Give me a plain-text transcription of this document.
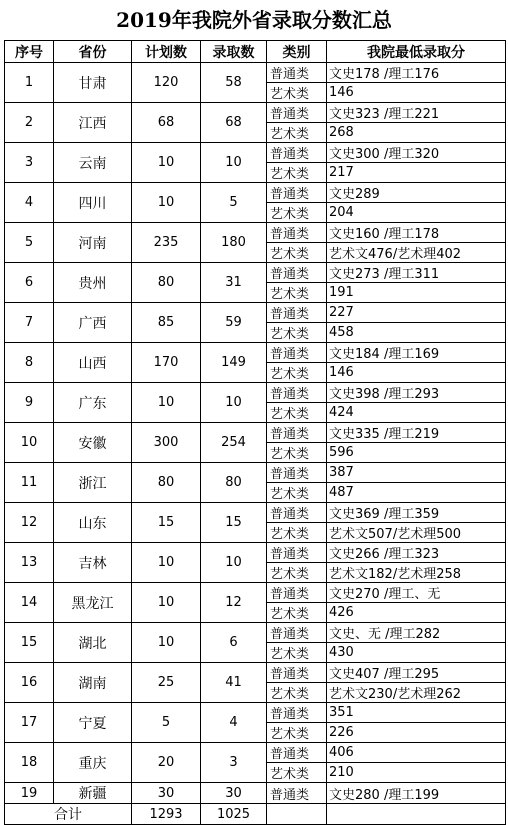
2019年我院外省录取分数汇总
序号	省份	计划数	录取数	类别	我院最低录取分
1	甘肃	120	58	普通类	文史178 /理工176
				艺术类	146
2	江西	68	68	普通类	文史323 /理工221
				艺术类	268
3	云南	10	10	普通类	文史300 /理工320
				艺术类	217
4	四川	10	5	普通类	文史289
				艺术类	204
5	河南	235	180	普通类	文史160 /理工178
				艺术类	艺术文476/艺术理402
6	贵州	80	31	普通类	文史273 /理工311
				艺术类	191
7	广西	85	59	普通类	227
				艺术类	458
8	山西	170	149	普通类	文史184 /理工169
				艺术类	146
9	广东	10	10	普通类	文史398 /理工293
				艺术类	424
10	安徽	300	254	普通类	文史335 /理工219
				艺术类	596
11	浙江	80	80	普通类	387
				艺术类	487
12	山东	15	15	普通类	文史369 /理工359
				艺术类	艺术文507/艺术理500
13	吉林	10	10	普通类	文史266 /理工323
				艺术类	艺术文182/艺术理258
14	黑龙江	10	12	普通类	文史270 /理工、无
				艺术类	426
15	湖北	10	6	普通类	文史、无 /理工282
				艺术类	430
16	湖南	25	41	普通类	文史407 /理工295
				艺术类	艺术文230/艺术理262
17	宁夏	5	4	普通类	351
				艺术类	226
18	重庆	20	3	普通类	406
				艺术类	210
19	新疆	30	30	普通类	文史280 /理工199
合计		1293	1025		
